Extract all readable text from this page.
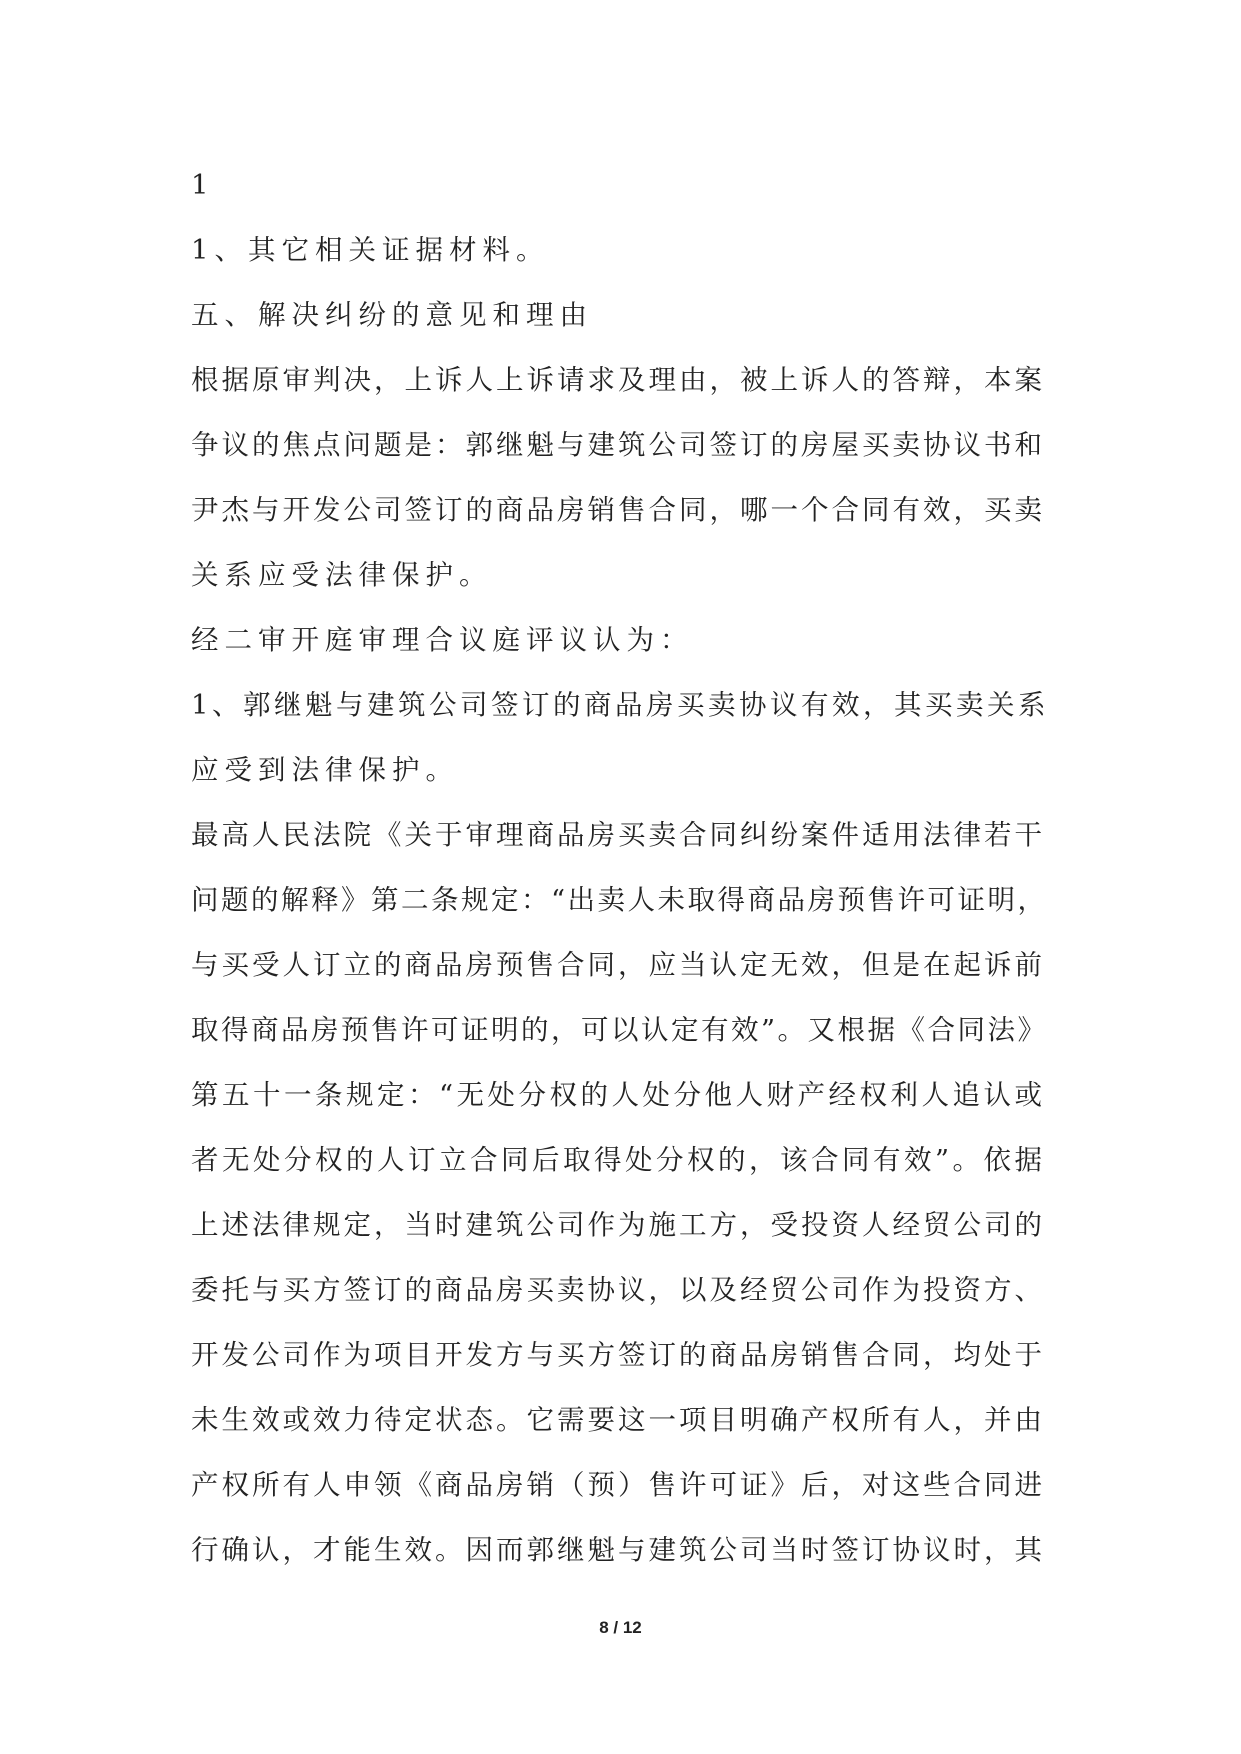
1

1、其它相关证据材料。

五、解决纠纷的意见和理由

根据原审判决，上诉人上诉请求及理由，被上诉人的答辩，本案

争议的焦点问题是：郭继魁与建筑公司签订的房屋买卖协议书和

尹杰与开发公司签订的商品房销售合同，哪一个合同有效，买卖

关系应受法律保护。

经二审开庭审理合议庭评议认为：

1、郭继魁与建筑公司签订的商品房买卖协议有效，其买卖关系

应受到法律保护。

最高人民法院《关于审理商品房买卖合同纠纷案件适用法律若干

问题的解释》第二条规定：“出卖人未取得商品房预售许可证明，

与买受人订立的商品房预售合同，应当认定无效，但是在起诉前

取得商品房预售许可证明的，可以认定有效”。又根据《合同法》

第五十一条规定：“无处分权的人处分他人财产经权利人追认或

者无处分权的人订立合同后取得处分权的，该合同有效”。依据

上述法律规定，当时建筑公司作为施工方，受投资人经贸公司的

委托与买方签订的商品房买卖协议，以及经贸公司作为投资方、

开发公司作为项目开发方与买方签订的商品房销售合同，均处于

未生效或效力待定状态。它需要这一项目明确产权所有人，并由

产权所有人申领《商品房销（预）售许可证》后，对这些合同进

行确认，才能生效。因而郭继魁与建筑公司当时签订协议时，其

8 / 12
